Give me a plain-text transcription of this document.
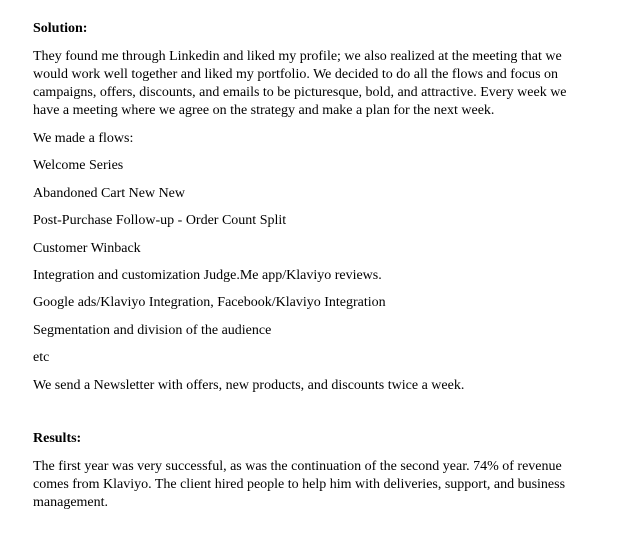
Solution:
They found me through Linkedin and liked my profile; we also realized at the meeting that we would work well together and liked my portfolio. We decided to do all the flows and focus on campaigns, offers, discounts, and emails to be picturesque, bold, and attractive. Every week we have a meeting where we agree on the strategy and make a plan for the next week.
We made a flows:
Welcome Series
Abandoned Cart New New
Post-Purchase Follow-up - Order Count Split
Customer Winback
Integration and customization Judge.Me app/Klaviyo reviews.
Google ads/Klaviyo Integration, Facebook/Klaviyo Integration
Segmentation and division of the audience
etc
We send a Newsletter with offers, new products, and discounts twice a week.
Results:
The first year was very successful, as was the continuation of the second year. 74% of revenue comes from Klaviyo. The client hired people to help him with deliveries, support, and business management.
